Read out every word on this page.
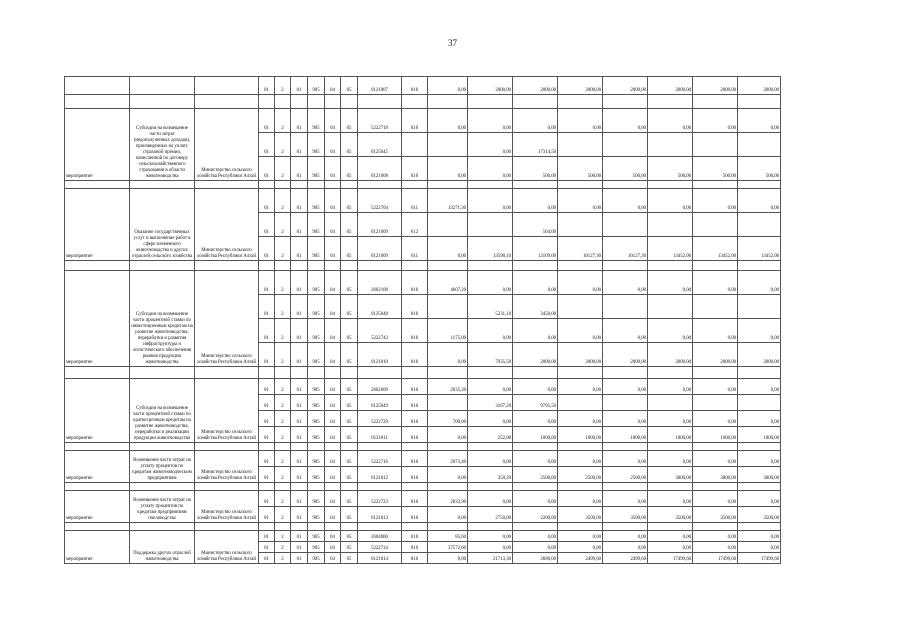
37
			01	2	01	905	04	05	0121007	810	0,00	2000,00	2000,00	2000,00	2000,00	2000,00	2000,00	2000,00

мероприятие	Субсидии на возмещение части затрат (недополученных доходов), произведенных на уплату страховой премии, начисленной по договору сельскохозяйственного страхования в области животноводства	Министерство сельского хозяйства Республики Алтай	01	2	01	905	04	05	5222718	810	0,00	0,00	0,00	0,00	0,00	0,00	0,00	0,00
			01	2	01	905	04	05	0125045			0,00	17314,50					
			01	2	01	905	04	05	0121008	810	0,00	0,00	500,00	500,00	500,00	500,00	500,00	500,00

мероприятие	Оказание государственных услуг и выполнение работ в сфере племенного животноводства и других отраслей сельского хозяйства	Министерство сельского хозяйства Республики Алтай	01	2	01	905	04	05	5222704	611	13271,30	0,00	0,00	0,00	0,00	0,00	0,00	0,00
			01	2	01	905	04	05	0121009	612			564,00					
			01	2	01	905	04	05	0121009	611	0,00	13590,10	13109,00	10127,30	10127,30	13452,00	13452,00	13452,00

мероприятие	Субсидии на возмещение части процентной ставки по инвестиционным кредитам на развитие животноводства, переработки и развития инфраструктуры и логистического обеспечения рынков продукции животноводства	Министерство сельского хозяйства Республики Алтай	01	2	01	905	04	05	2602108	810	4607,20	0,00	0,00	0,00	0,00	0,00	0,00	0,00
			01	2	01	905	04	05	0125048	810		5231,10	3450,00					
			01	2	01	905	04	05	5222743	810	1175,00	0,00	0,00	0,00	0,00	0,00	0,00	0,00
			01	2	01	905	04	05	0121010	810	0,00	7935,50	2000,00	2000,00	2000,00	2000,00	2000,00	2000,00

мероприятие	Субсидии на возмещение части процентной ставки по краткосрочным кредитам на развитие животноводства, переработки и реализации продукции животноводства	Министерство сельского хозяйства Республики Алтай	01	2	01	905	04	05	2602609	810	2035,20	0,00	0,00	0,00	0,00	0,00	0,00	0,00
			01	2	01	905	04	05	0125049	810		3167,20	9795,50					
			01	2	01	905	04	05	5222729	810	700,00	0,00	0,00	0,00	0,00	0,00	0,00	0,00
			01	2	01	905	04	05	0121011	810	0,00	252,00	1000,00	1000,00	1000,00	1000,00	1000,00	1000,00

мероприятие	Возмещение части затрат на уплату процентов по кредитам животноводческим предприятиям	Министерство сельского хозяйства Республики Алтай	01	2	01	905	04	05	5222716	810	2073,40	0,00	0,00	0,00	0,00	0,00	0,00	0,00
			01	2	01	905	04	05	0121012	810	0,00	350,20	2500,00	2500,00	2500,00	3000,00	3000,00	3000,00

мероприятие	Возмещение части затрат на уплату процентов по кредитам предприятиям пчеловодства	Министерство сельского хозяйства Республики Алтай	01	2	01	905	04	05	5222723	810	2833,90	0,00	0,00	0,00	0,00	0,00	0,00	0,00
			01	2	01	905	04	05	0121013	810	0,00	2750,00	2200,00	3500,00	3500,00	3500,00	3500,00	3500,00

мероприятие	Поддержка других отраслей животноводства	Министерство сельского хозяйства Республики Алтай	01	2	01	905	04	05	2604000	810	85,60	0,00	0,00	0,00	0,00	0,00	0,00	0,00
			01	2	01	905	04	05	5222734	810	37572,60	0,00	0,00	0,00	0,00	0,00	0,00	0,00
			01	2	01	905	04	05	0121014	810	0,00	21713,30	2680,00	2499,60	2499,60	17499,60	17499,60	17499,60
